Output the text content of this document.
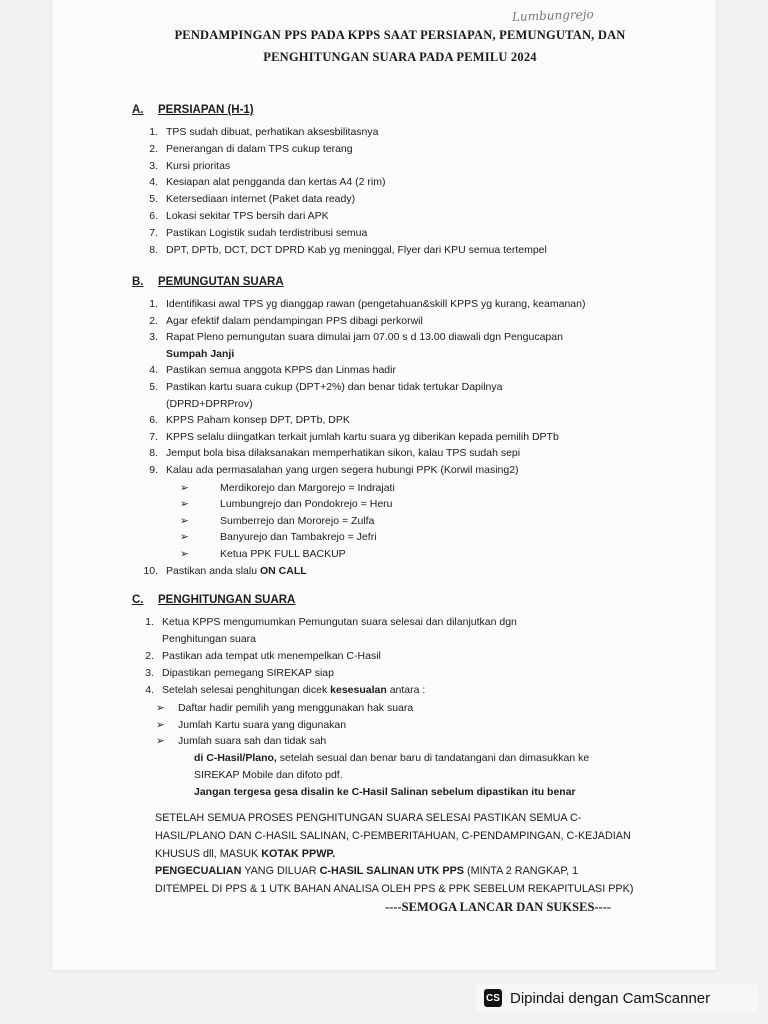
Lumbungrejo
PENDAMPINGAN PPS PADA KPPS SAAT PERSIAPAN, PEMUNGUTAN, DAN
PENGHITUNGAN SUARA PADA PEMILU 2024
A. PERSIAPAN (H-1)
1. TPS sudah dibuat, perhatikan aksesbilitasnya
2. Penerangan di dalam TPS cukup terang
3. Kursi prioritas
4. Kesiapan alat pengganda dan kertas A4 (2 rim)
5. Ketersediaan internet (Paket data ready)
6. Lokasi sekitar TPS bersih dari APK
7. Pastikan Logistik sudah terdistribusi semua
8. DPT, DPTb, DCT, DCT DPRD Kab yg meninggal, Flyer dari KPU semua tertempel
B. PEMUNGUTAN SUARA
1. Identifikasi awal TPS yg dianggap rawan (pengetahuan&skill KPPS yg kurang, keamanan)
2. Agar efektif dalam pendampingan PPS dibagi perkorwil
3. Rapat Pleno pemungutan suara dimulai jam 07.00 s d 13.00 diawali dgn Pengucapan
Sumpah Janji
4. Pastikan semua anggota KPPS dan Linmas hadir
5. Pastikan kartu suara cukup (DPT+2%) dan benar tidak tertukar Dapilnya
(DPRD+DPRProv)
6. KPPS Paham konsep DPT, DPTb, DPK
7. KPPS selalu diingatkan terkait jumlah kartu suara yg diberikan kepada pemilih DPTb
8. Jemput bola bisa dilaksanakan memperhatikan sikon, kalau TPS sudah sepi
9. Kalau ada permasalahan yang urgen segera hubungi PPK (Korwil masing2)
➢	Merdikorejo dan Margorejo = Indrajati
➢	Lumbungrejo dan Pondokrejo = Heru
➢	Sumberrejo dan Mororejo = Zulfa
➢	Banyurejo dan Tambakrejo = Jefri
➢	Ketua PPK FULL BACKUP
10. Pastikan anda slalu ON CALL
C. PENGHITUNGAN SUARA
1. Ketua KPPS mengumumkan Pemungutan suara selesai dan dilanjutkan dgn
Penghitungan suara
2. Pastikan ada tempat utk menempelkan C-Hasil
3. Dipastikan pemegang SIREKAP siap
4. Setelah selesai penghitungan dicek kesesualan antara :
➢	Daftar hadir pemilih yang menggunakan hak suara
➢	Jumlah Kartu suara yang digunakan
➢	Jumlah suara sah dan tidak sah
di C-Hasil/Plano, setelah sesual dan benar baru di tandatangani dan dimasukkan ke
SIREKAP Mobile dan difoto pdf.
Jangan tergesa gesa disalin ke C-Hasil Salinan sebelum dipastikan itu benar
SETELAH SEMUA PROSES PENGHITUNGAN SUARA SELESAI PASTIKAN SEMUA C-
HASIL/PLANO DAN C-HASIL SALINAN, C-PEMBERITAHUAN, C-PENDAMPINGAN, C-KEJADIAN
KHUSUS dll, MASUK KOTAK PPWP.
PENGECUALIAN YANG DILUAR C-HASIL SALINAN UTK PPS (MINTA 2 RANGKAP, 1
DITEMPEL DI PPS & 1 UTK BAHAN ANALISA OLEH PPS & PPK SEBELUM REKAPITULASI PPK)
----SEMOGA LANCAR DAN SUKSES----
CS Dipindai dengan CamScanner
